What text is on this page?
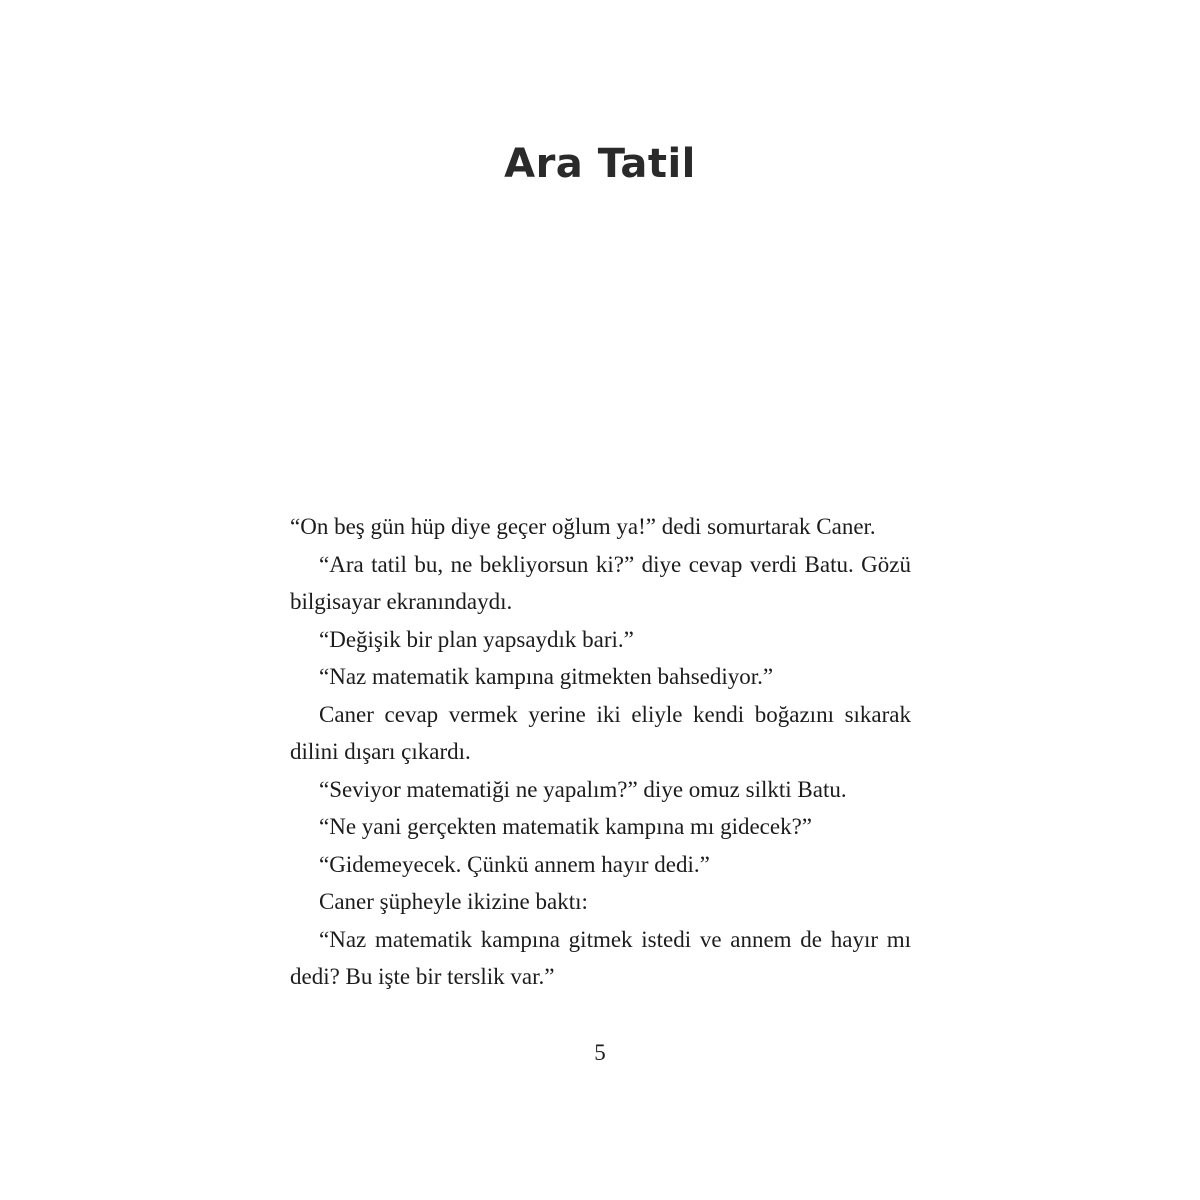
Ara Tatil

“On beş gün hüp diye geçer oğlum ya!” dedi somurtarak Caner.

“Ara tatil bu, ne bekliyorsun ki?” diye cevap verdi Batu. Gözü bilgisayar ekranındaydı.

“Değişik bir plan yapsaydık bari.”

“Naz matematik kampına gitmekten bahsediyor.”

Caner cevap vermek yerine iki eliyle kendi boğazını sıkarak dilini dışarı çıkardı.

“Seviyor matematiği ne yapalım?” diye omuz silkti Batu.

“Ne yani gerçekten matematik kampına mı gidecek?”

“Gidemeyecek. Çünkü annem hayır dedi.”

Caner şüpheyle ikizine baktı:

“Naz matematik kampına gitmek istedi ve annem de hayır mı dedi? Bu işte bir terslik var.”

5
